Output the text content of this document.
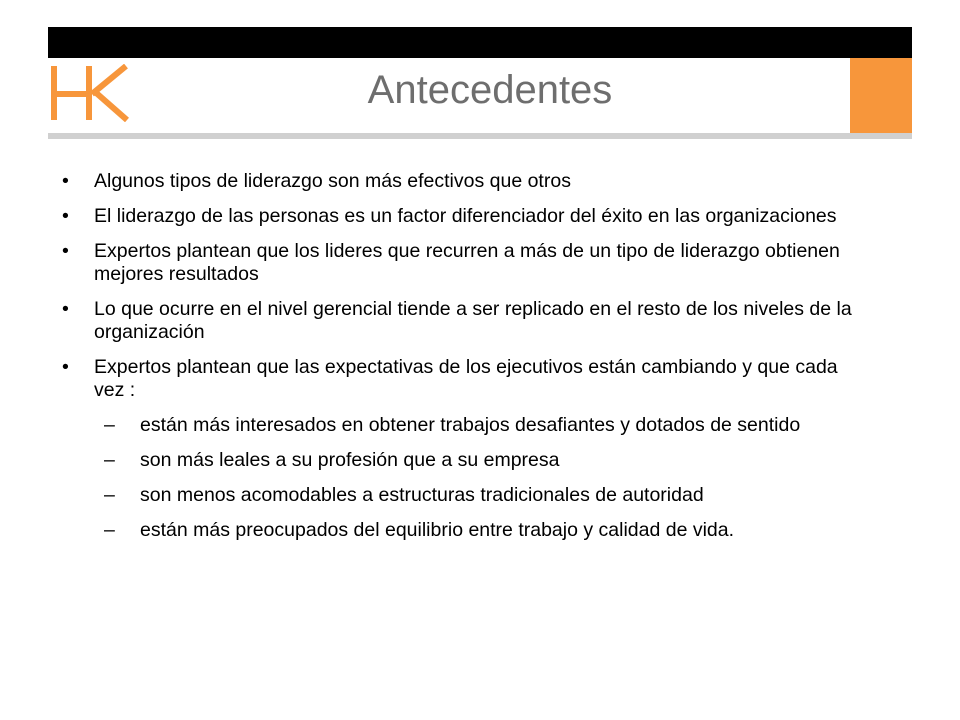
Antecedentes
• Algunos tipos de liderazgo son más efectivos que otros
• El liderazgo de las personas es un factor diferenciador del éxito en las organizaciones
• Expertos plantean que los lideres que recurren a más de un tipo de liderazgo obtienen mejores resultados
• Lo que ocurre en el nivel gerencial tiende a ser replicado en el resto de los niveles de la organización
• Expertos plantean que las expectativas de los ejecutivos están cambiando y que cada vez :
– están más interesados en obtener trabajos desafiantes y dotados de sentido
– son más leales a su profesión que a su empresa
– son menos acomodables a estructuras tradicionales de autoridad
– están más preocupados del equilibrio entre trabajo y calidad de vida.
